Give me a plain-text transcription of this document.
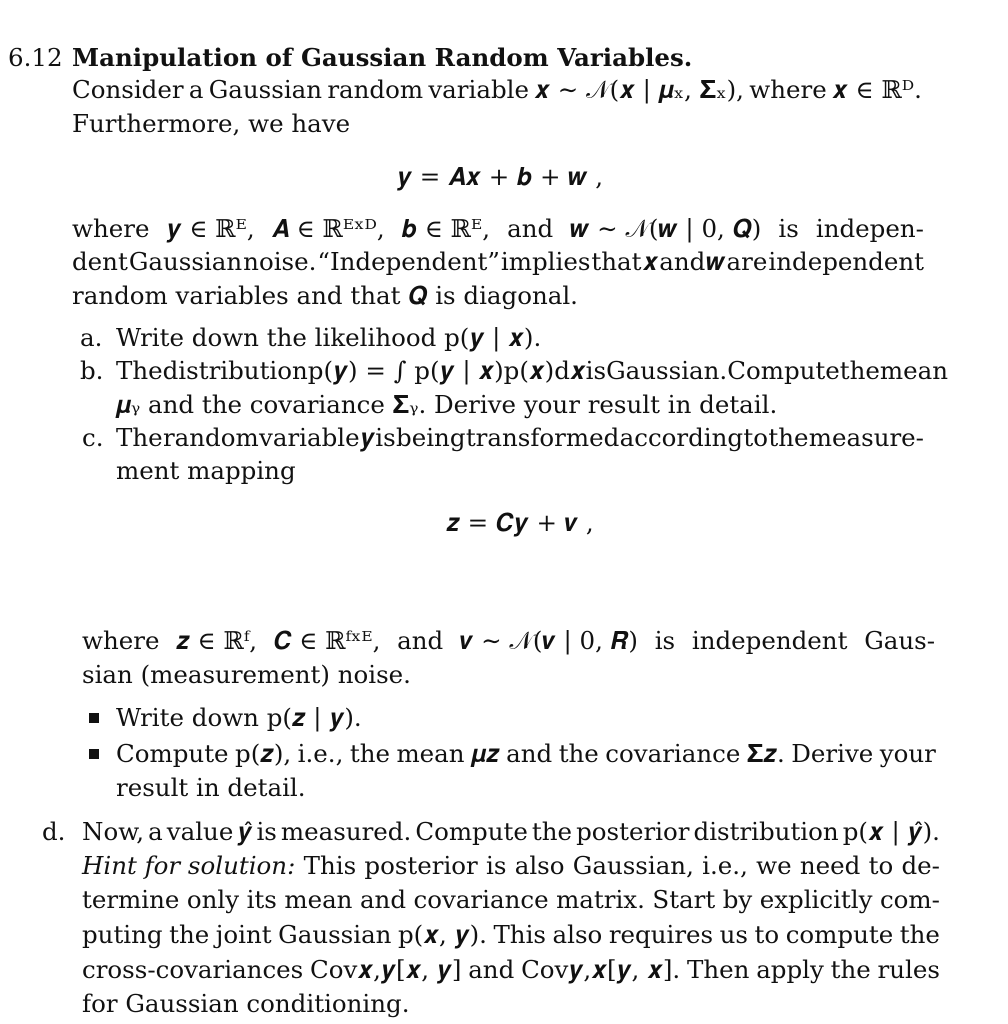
6.12 Manipulation of Gaussian Random Variables.
Consider a Gaussian random variable 𝒙 ∼ 𝒩(𝒙 | 𝝁ₓ, 𝚺ₓ), where 𝒙 ∈ ℝᴰ.
Furthermore, we have
𝒚 = 𝑨𝒙 + 𝒃 + 𝒘 ,
where 𝒚 ∈ ℝᴱ, 𝑨 ∈ ℝᴱˣᴰ, 𝒃 ∈ ℝᴱ, and 𝒘 ∼ 𝒩(𝒘 | 0, 𝑸) is indepen-
dent Gaussian noise. “Independent” implies that 𝒙 and 𝒘 are independent
random variables and that 𝑸 is diagonal.
a. Write down the likelihood p(𝒚 | 𝒙).
b. The distribution p(𝒚) = ∫ p(𝒚 | 𝒙)p(𝒙)d𝒙 is Gaussian. Compute the mean
𝝁ᵧ and the covariance 𝚺ᵧ. Derive your result in detail.
c. The random variable 𝒚 is being transformed according to the measure-
ment mapping
𝒛 = 𝑪𝒚 + 𝒗 ,
where 𝒛 ∈ ℝᶠ, 𝑪 ∈ ℝᶠˣᴱ, and 𝒗 ∼ 𝒩(𝒗 | 0, 𝑹) is independent Gaus-
sian (measurement) noise.
Write down p(𝒛 | 𝒚).
Compute p(𝒛), i.e., the mean 𝝁𝒛 and the covariance 𝚺𝒛. Derive your
result in detail.
d. Now, a value 𝒚̂ is measured. Compute the posterior distribution p(𝒙 | 𝒚̂).
Hint for solution: This posterior is also Gaussian, i.e., we need to de-
termine only its mean and covariance matrix. Start by explicitly com-
puting the joint Gaussian p(𝒙, 𝒚). This also requires us to compute the
cross-covariances Cov𝒙,𝒚[𝒙, 𝒚] and Cov𝒚,𝒙[𝒚, 𝒙]. Then apply the rules
for Gaussian conditioning.
